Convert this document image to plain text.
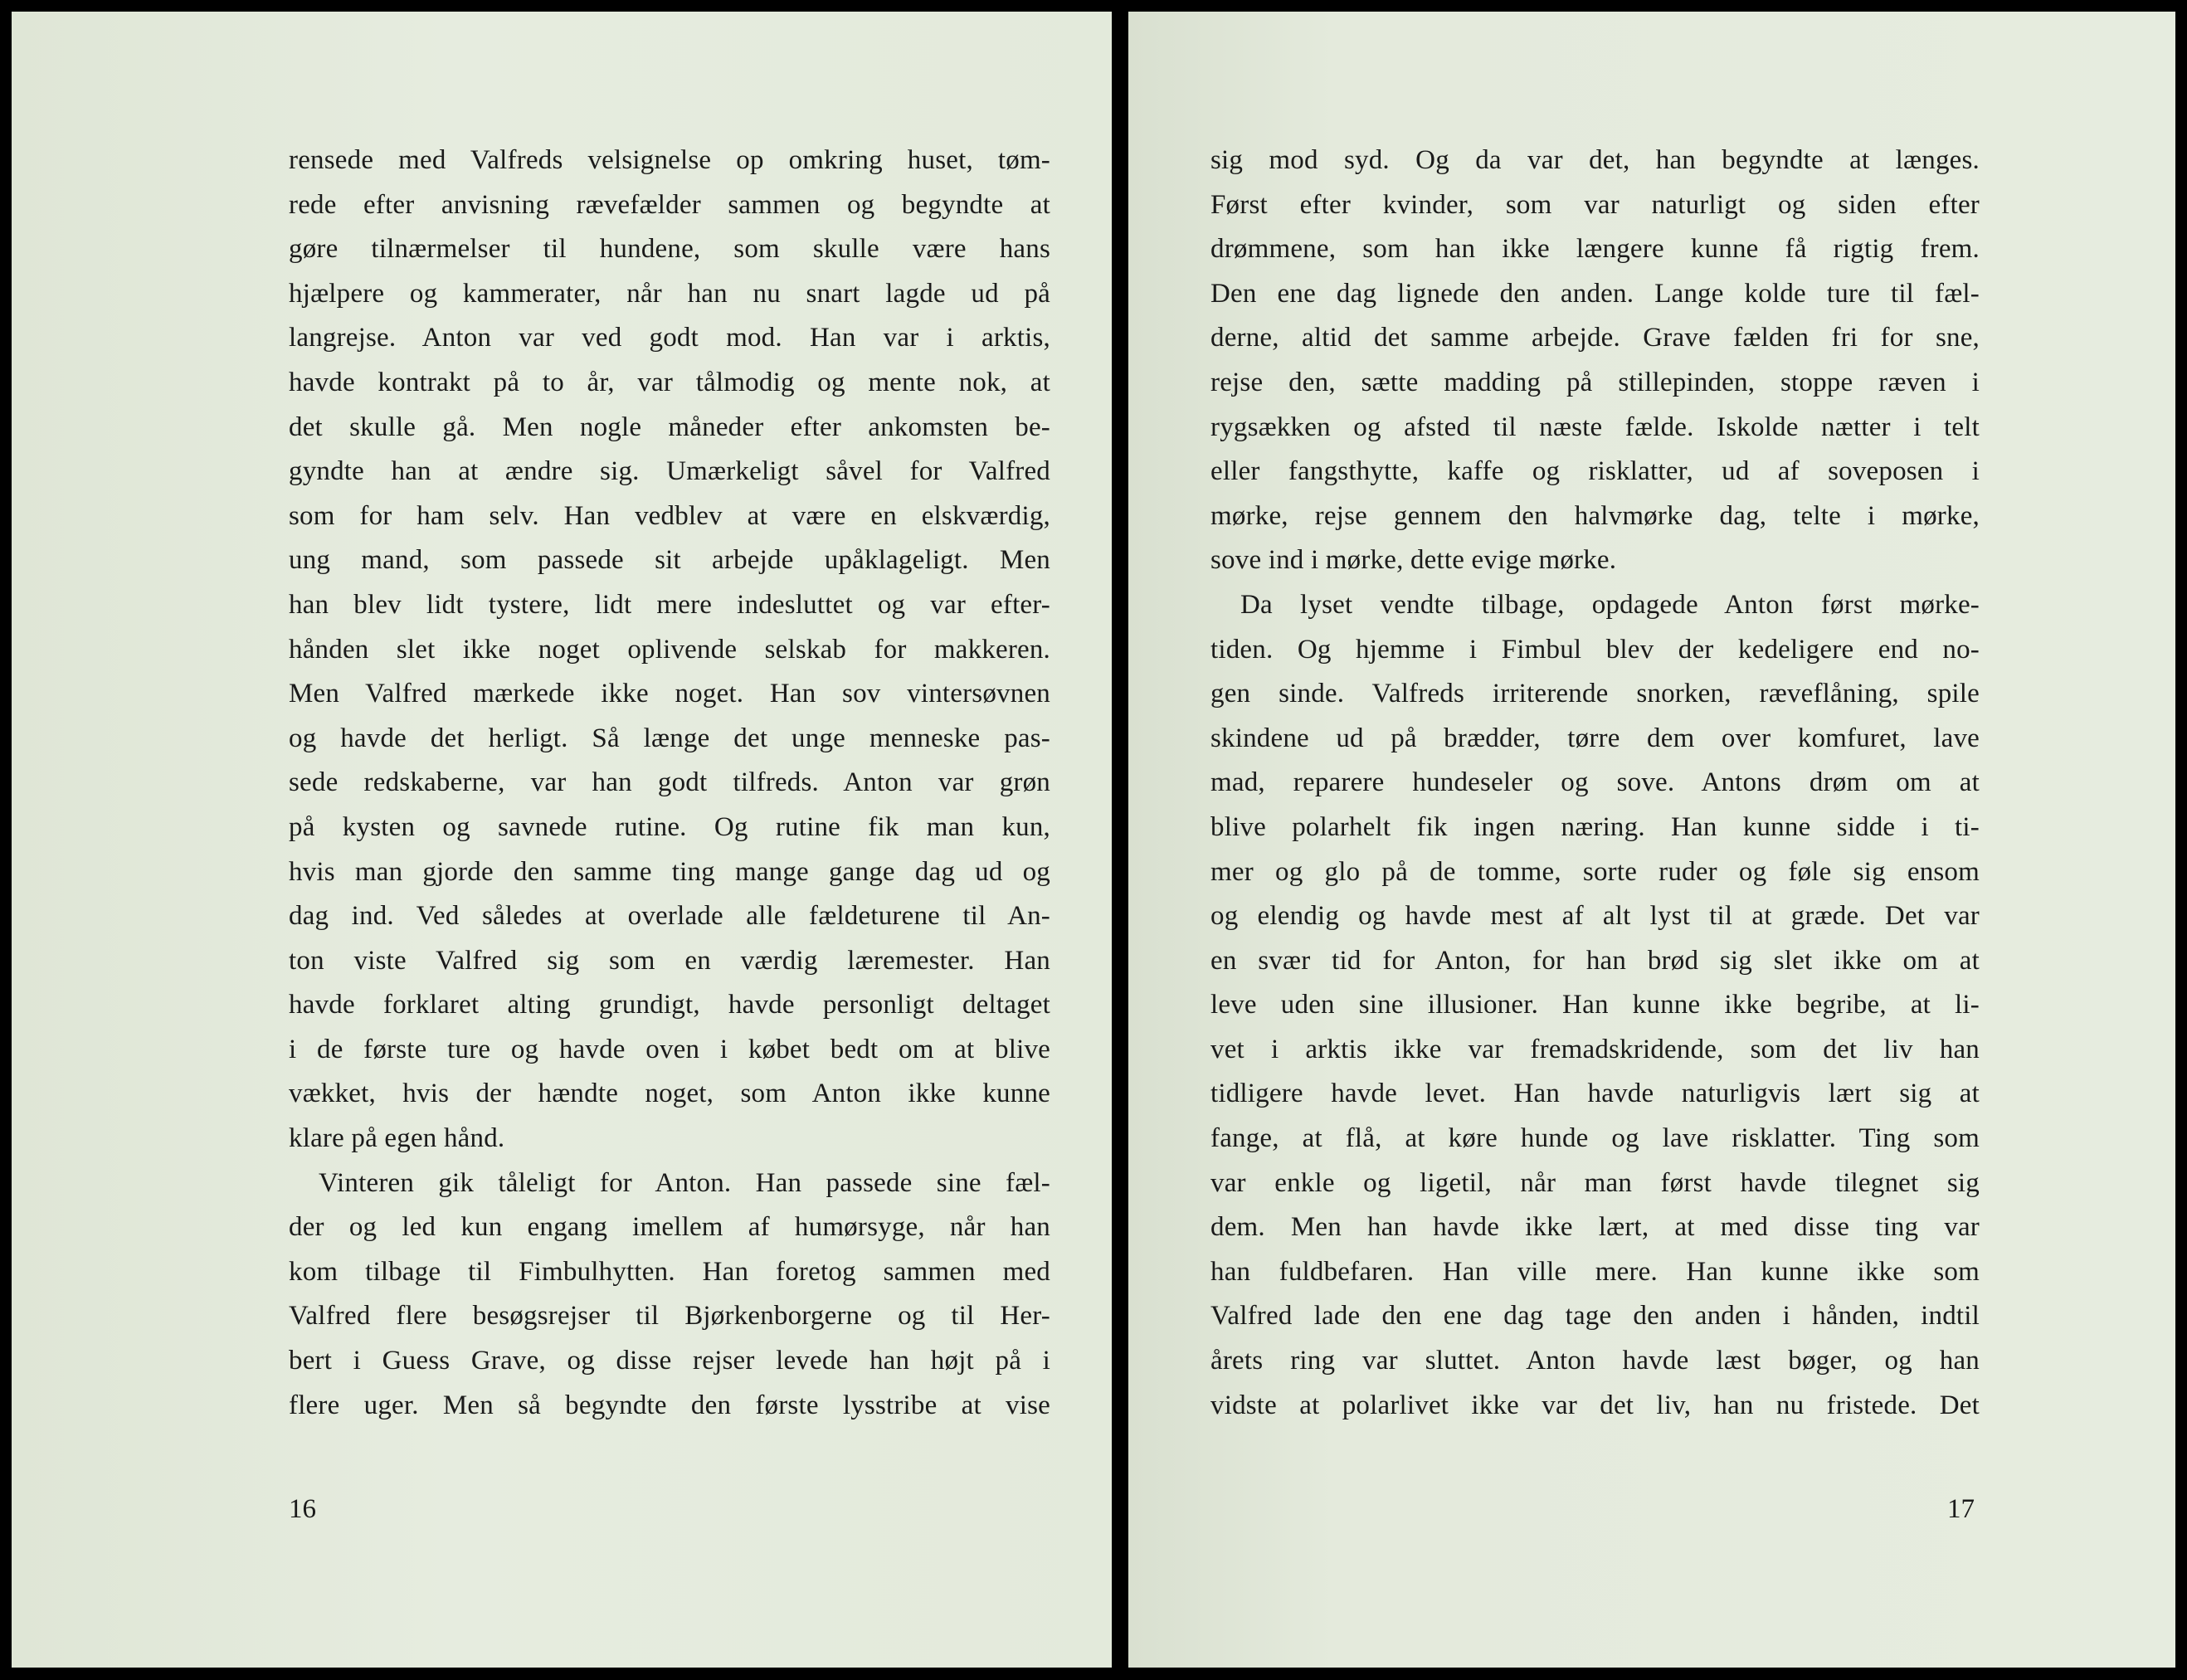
rensede med Valfreds velsignelse op omkring huset, tøm-
rede efter anvisning rævefælder sammen og begyndte at
gøre tilnærmelser til hundene, som skulle være hans
hjælpere og kammerater, når han nu snart lagde ud på
langrejse. Anton var ved godt mod. Han var i arktis,
havde kontrakt på to år, var tålmodig og mente nok, at
det skulle gå. Men nogle måneder efter ankomsten be-
gyndte han at ændre sig. Umærkeligt såvel for Valfred
som for ham selv. Han vedblev at være en elskværdig,
ung mand, som passede sit arbejde upåklageligt. Men
han blev lidt tystere, lidt mere indesluttet og var efter-
hånden slet ikke noget oplivende selskab for makkeren.
Men Valfred mærkede ikke noget. Han sov vintersøvnen
og havde det herligt. Så længe det unge menneske pas-
sede redskaberne, var han godt tilfreds. Anton var grøn
på kysten og savnede rutine. Og rutine fik man kun,
hvis man gjorde den samme ting mange gange dag ud og
dag ind. Ved således at overlade alle fældeturene til An-
ton viste Valfred sig som en værdig læremester. Han
havde forklaret alting grundigt, havde personligt deltaget
i de første ture og havde oven i købet bedt om at blive
vækket, hvis der hændte noget, som Anton ikke kunne
klare på egen hånd.
Vinteren gik tåleligt for Anton. Han passede sine fæl-
der og led kun engang imellem af humørsyge, når han
kom tilbage til Fimbulhytten. Han foretog sammen med
Valfred flere besøgsrejser til Bjørkenborgerne og til Her-
bert i Guess Grave, og disse rejser levede han højt på i
flere uger. Men så begyndte den første lysstribe at vise
16
sig mod syd. Og da var det, han begyndte at længes.
Først efter kvinder, som var naturligt og siden efter
drømmene, som han ikke længere kunne få rigtig frem.
Den ene dag lignede den anden. Lange kolde ture til fæl-
derne, altid det samme arbejde. Grave fælden fri for sne,
rejse den, sætte madding på stillepinden, stoppe ræven i
rygsækken og afsted til næste fælde. Iskolde nætter i telt
eller fangsthytte, kaffe og risklatter, ud af soveposen i
mørke, rejse gennem den halvmørke dag, telte i mørke,
sove ind i mørke, dette evige mørke.
Da lyset vendte tilbage, opdagede Anton først mørke-
tiden. Og hjemme i Fimbul blev der kedeligere end no-
gen sinde. Valfreds irriterende snorken, ræveflåning, spile
skindene ud på brædder, tørre dem over komfuret, lave
mad, reparere hundeseler og sove. Antons drøm om at
blive polarhelt fik ingen næring. Han kunne sidde i ti-
mer og glo på de tomme, sorte ruder og føle sig ensom
og elendig og havde mest af alt lyst til at græde. Det var
en svær tid for Anton, for han brød sig slet ikke om at
leve uden sine illusioner. Han kunne ikke begribe, at li-
vet i arktis ikke var fremadskridende, som det liv han
tidligere havde levet. Han havde naturligvis lært sig at
fange, at flå, at køre hunde og lave risklatter. Ting som
var enkle og ligetil, når man først havde tilegnet sig
dem. Men han havde ikke lært, at med disse ting var
han fuldbefaren. Han ville mere. Han kunne ikke som
Valfred lade den ene dag tage den anden i hånden, indtil
årets ring var sluttet. Anton havde læst bøger, og han
vidste at polarlivet ikke var det liv, han nu fristede. Det
17
